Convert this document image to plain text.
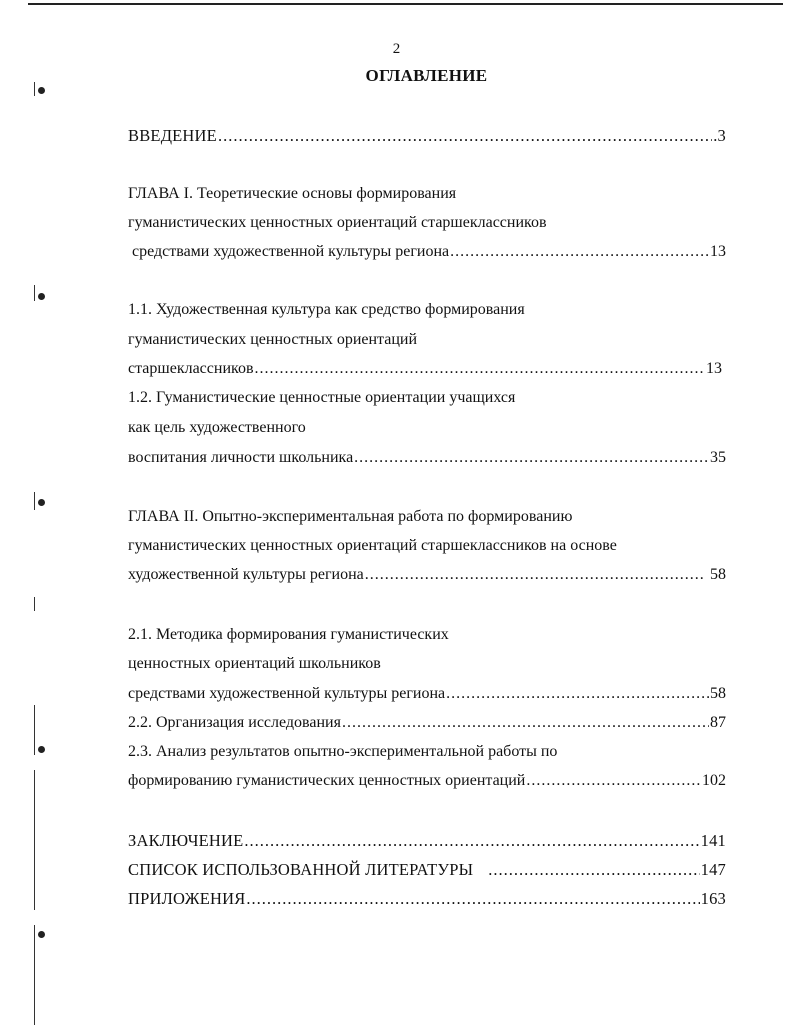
2
ОГЛАВЛЕНИЕ
ВВЕДЕНИЕ .....	.3
ГЛАВА I. Теоретические основы формирования
гуманистических ценностных ориентаций старшеклассников
средствами художественной культуры региона .....	13
1.1. Художественная культура как средство формирования
гуманистических ценностных ориентаций
старшеклассников .....	13
1.2. Гуманистические ценностные ориентации учащихся
как цель художественного
воспитания личности школьника .....	35
ГЛАВА II. Опытно-экспериментальная работа по формированию
гуманистических ценностных ориентаций старшеклассников на основе
художественной культуры региона .....	58
2.1. Методика формирования гуманистических
ценностных ориентаций школьников
средствами художественной культуры региона .....	58
2.2. Организация исследования .....	87
2.3. Анализ результатов опытно-экспериментальной работы по
формированию гуманистических ценностных ориентаций .....	102
ЗАКЛЮЧЕНИЕ .....	141
СПИСОК ИСПОЛЬЗОВАННОЙ ЛИТЕРАТУРЫ .....	147
ПРИЛОЖЕНИЯ .....	163
